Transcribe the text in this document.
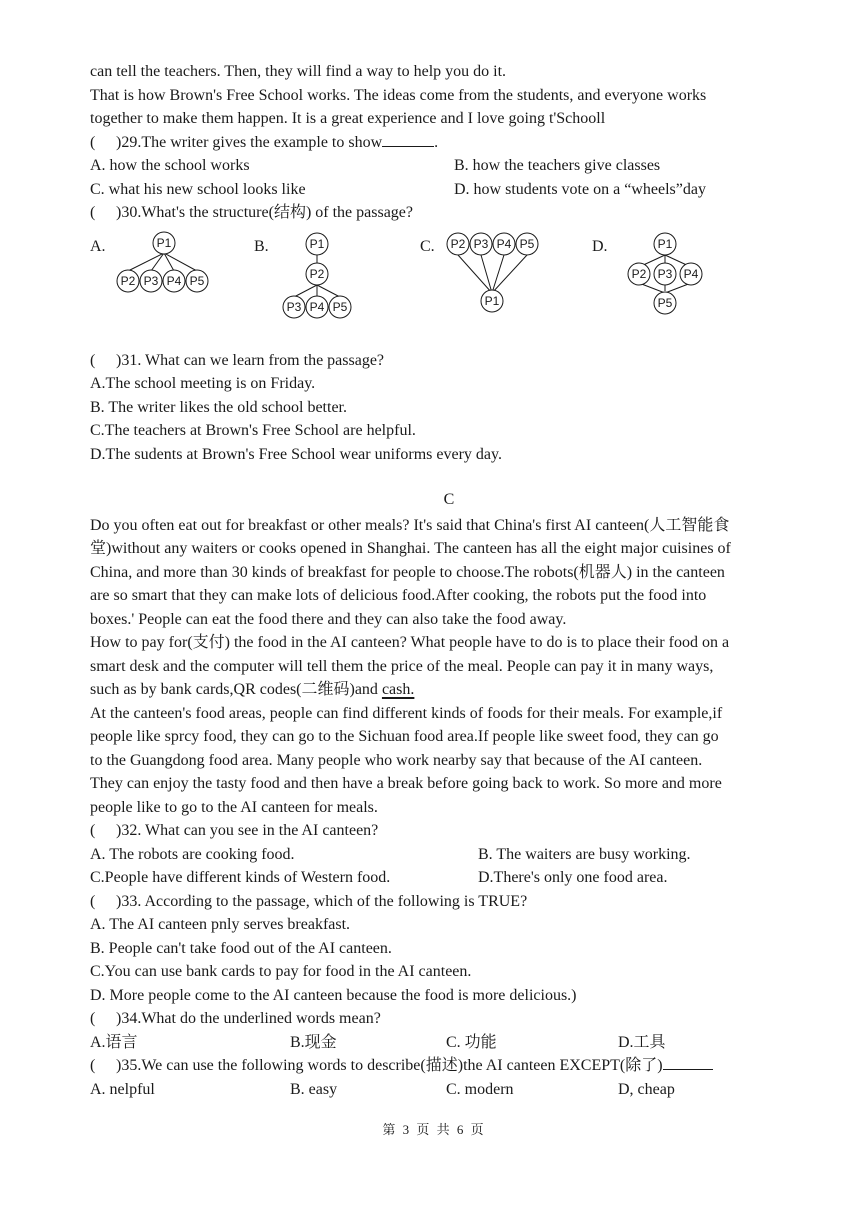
can tell the teachers. Then, they will find a way to help you do it.
That is how Brown's Free School works. The ideas come from the students, and everyone works
together to make them happen. It is a great experience and I love going t'Schooll
( )29.The writer gives the example to show	.
A. how the school works	B. how the teachers give classes
C. what his new school looks like	D. how students vote on a “wheels”day
( )30.What's the structure(结构) of the passage?
A.	P1
P2 P3 P4 P5
B.	P1
P2
P3 P4 P5
C. P2 P3 P4 P5
P1
D.	P1
P2 P3 P4
P5
( )31. What can we learn from the passage?
A.The school meeting is on Friday.
B. The writer likes the old school better.
C.The teachers at Brown's Free School are helpful.
D.The sudents at Brown's Free School wear uniforms every day.
C
Do you often eat out for breakfast or other meals? It's said that China's first AI canteen(人工智能食
堂)without any waiters or cooks opened in Shanghai. The canteen has all the eight major cuisines of
China, and more than 30 kinds of breakfast for people to choose.The robots(机器人) in the canteen
are so smart that they can make lots of delicious food.After cooking, the robots put the food into
boxes.' People can eat the food there and they can also take the food away.
How to pay for(支付) the food in the AI canteen? What people have to do is to place their food on a
smart desk and the computer will tell them the price of the meal. People can pay it in many ways,
such as by bank cards,QR codes(二维码)and cash.
At the canteen's food areas, people can find different kinds of foods for their meals. For example,if
people like sprcy food, they can go to the Sichuan food area.If people like sweet food, they can go
to the Guangdong food area. Many people who work nearby say that because of the AI canteen.
They can enjoy the tasty food and then have a break before going back to work. So more and more
people like to go to the AI canteen for meals.
( )32. What can you see in the AI canteen?
A. The robots are cooking food.	B. The waiters are busy working.
C.People have different kinds of Western food.	D.There's only one food area.
( )33. According to the passage, which of the following is TRUE?
A. The AI canteen pnly serves breakfast.
B. People can't take food out of the AI canteen.
C.You can use bank cards to pay for food in the AI canteen.
D. More people come to the AI canteen because the food is more delicious.)
( )34.What do the underlined words mean?
A.语言	B.现金	C. 功能	D.工具
( )35.We can use the following words to describe(描述)the AI canteen EXCEPT(除了)
A. nelpful	B. easy	C. modern	D, cheap
第 3 页 共 6 页
